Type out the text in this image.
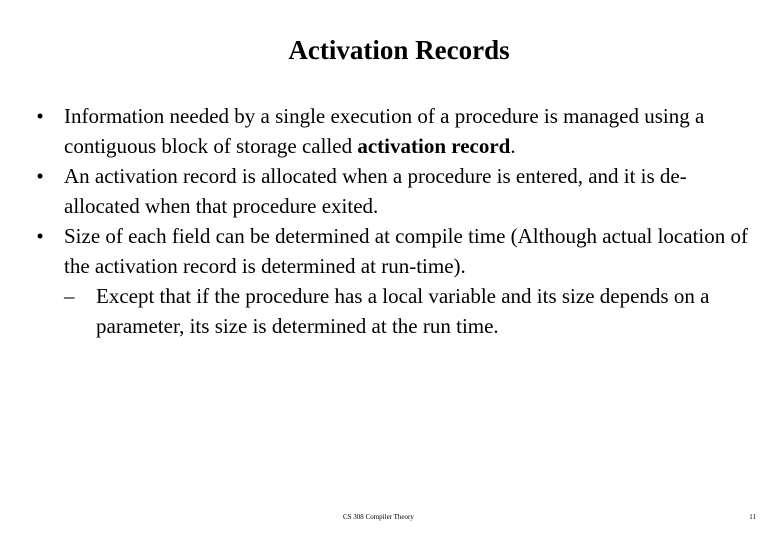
Activation Records
• Information needed by a single execution of a procedure is managed using a contiguous block of storage called activation record.
• An activation record is allocated when a procedure is entered, and it is de-allocated when that procedure exited.
• Size of each field can be determined at compile time (Although actual location of the activation record is determined at run-time).
– Except that if the procedure has a local variable and its size depends on a parameter, its size is determined at the run time.
CS 308 Compiler Theory	11
